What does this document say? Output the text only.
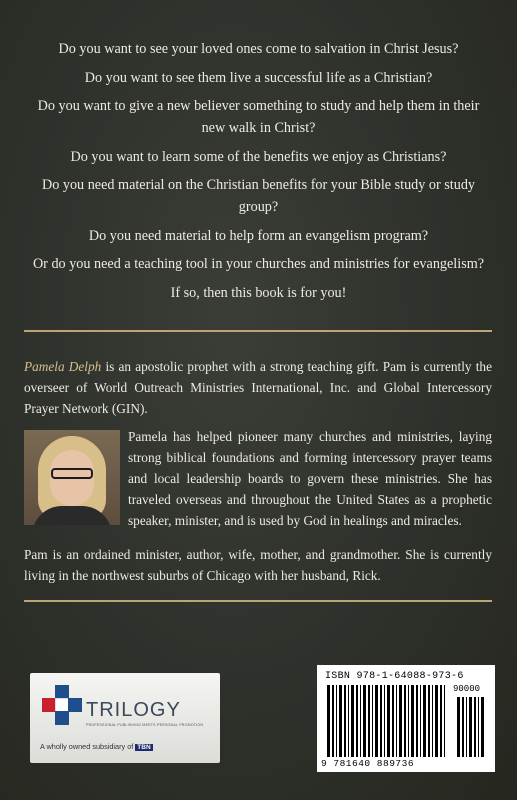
Do you want to see your loved ones come to salvation in Christ Jesus?

Do you want to see them live a successful life as a Christian?

Do you want to give a new believer something to study and help them in their new walk in Christ?

Do you want to learn some of the benefits we enjoy as Christians?

Do you need material on the Christian benefits for your Bible study or study group?

Do you need material to help form an evangelism program?

Or do you need a teaching tool in your churches and ministries for evangelism?

If so, then this book is for you!

Pamela Delph is an apostolic prophet with a strong teaching gift. Pam is currently the overseer of World Outreach Ministries International, Inc. and Global Intercessory Prayer Network (GIN).

Pamela has helped pioneer many churches and ministries, laying strong biblical foundations and forming intercessory prayer teams and local leadership boards to govern these ministries. She has traveled overseas and throughout the United States as a prophetic speaker, minister, and is used by God in healings and miracles.

Pam is an ordained minister, author, wife, mother, and grandmother. She is currently living in the northwest suburbs of Chicago with her husband, Rick.

TRILOGY
PROFESSIONAL PUBLISHING MEETS PERSONAL PROMOTION
A wholly owned subsidiary of TBN
ISBN 978-1-64088-973-6
90000
9 781640 889736
